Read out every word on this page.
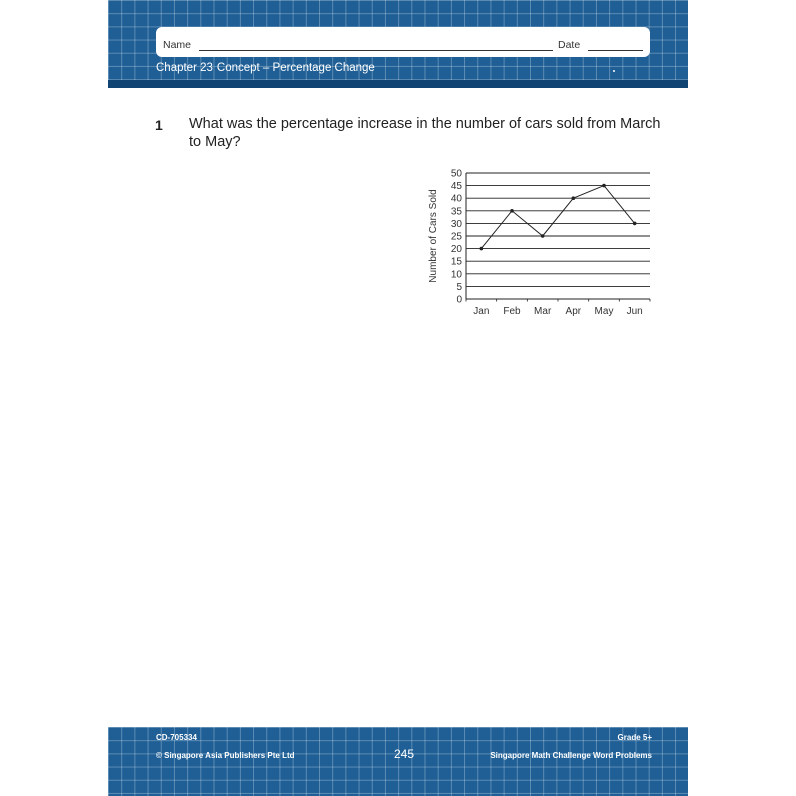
Name	Date
Chapter 23 Concept – Percentage Change
1 What was the percentage increase in the number of cars sold from March to May?
0
5
10
15
20
25
30
35
40
45
50
Jan Feb Mar Apr May Jun
Number of Cars Sold
CD-705334	Grade 5+
© Singapore Asia Publishers Pte Ltd	245	Singapore Math Challenge Word Problems
